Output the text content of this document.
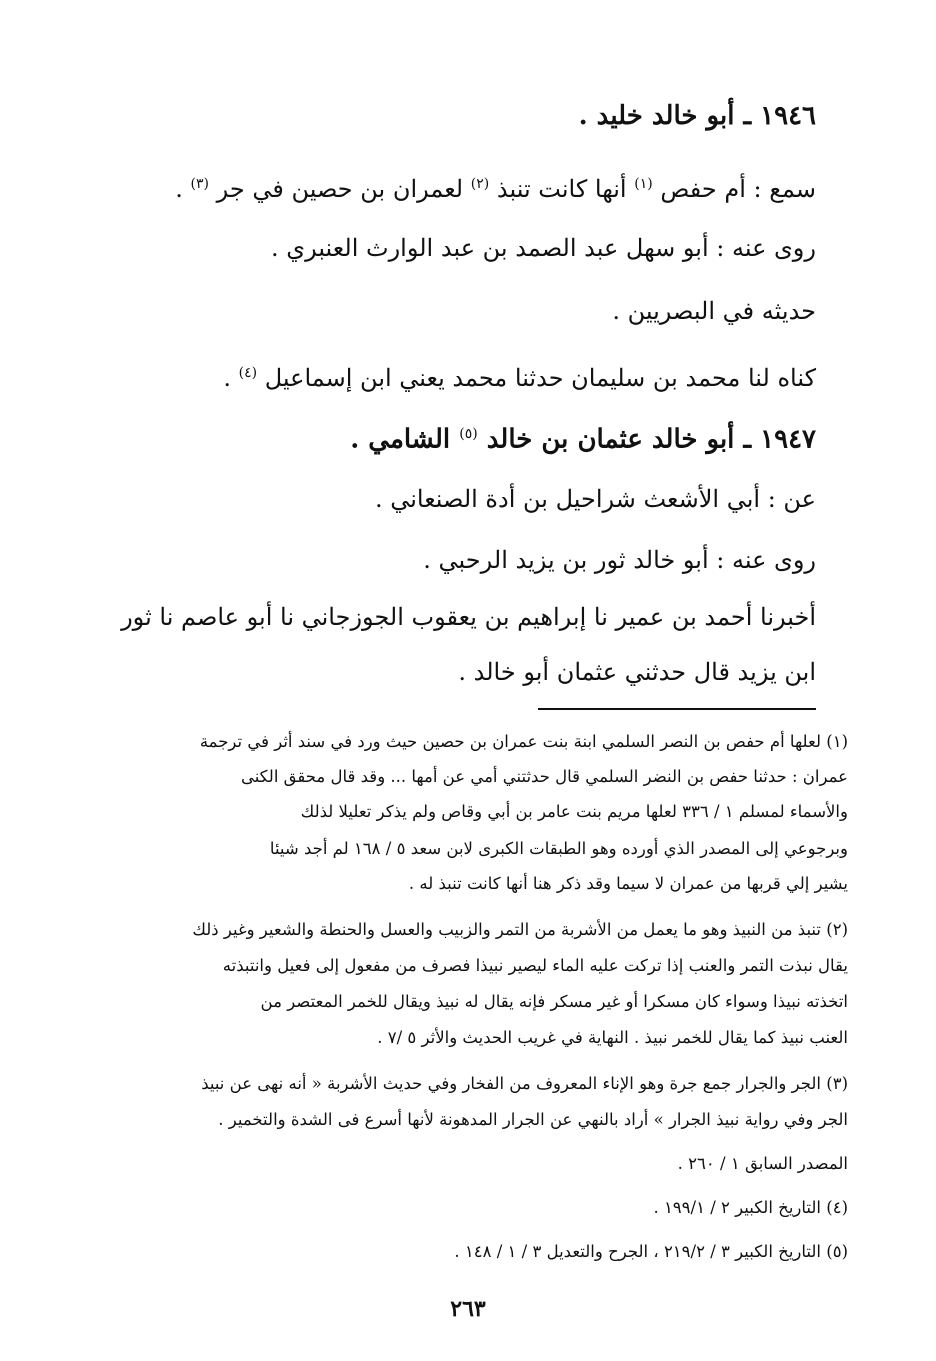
١٩٤٦ ـ أبو خالد خليد .
سمع : أم حفص $^{(١)}$ أنها كانت تنبذ $^{(٢)}$ لعمران بن حصين في جر $^{(٣)}$ .
روى عنه : أبو سهل عبد الصمد بن عبد الوارث العنبري .
حديثه في البصريين .
كناه لنا محمد بن سليمان حدثنا محمد يعني ابن إسماعيل $^{(٤)}$ .
١٩٤٧ ـ أبو خالد عثمان بن خالد $^{(٥)}$ الشامي .
عن : أبي الأشعث شراحيل بن أدة الصنعاني .
روى عنه : أبو خالد ثور بن يزيد الرحبي .
أخبرنا أحمد بن عمير نا إبراهيم بن يعقوب الجوزجاني نا أبو عاصم نا ثور
ابن يزيد قال حدثني عثمان أبو خالد .
(١) لعلها أم حفص بن النصر السلمي ابنة بنت عمران بن حصين حيث ورد في سند أثر في ترجمة
عمران : حدثنا حفص بن النضر السلمي قال حدثتني أمي عن أمها ... وقد قال محقق الكنى
والأسماء لمسلم ١ / ٣٣٦ لعلها مريم بنت عامر بن أبي وقاص ولم يذكر تعليلا لذلك
وبرجوعي إلى المصدر الذي أورده وهو الطبقات الكبرى لابن سعد ٥ / ١٦٨ لم أجد شيئا
يشير إلي قربها من عمران لا سيما وقد ذكر هنا أنها كانت تنبذ له .
(٢) تنبذ من النبيذ وهو ما يعمل من الأشربة من التمر والزبيب والعسل والحنطة والشعير وغير ذلك
يقال نبذت التمر والعنب إذا تركت عليه الماء ليصير نبيذا فصرف من مفعول إلى فعيل وانتبذته
اتخذته نبيذا وسواء كان مسكرا أو غير مسكر فإنه يقال له نبيذ ويقال للخمر المعتصر من
العنب نبيذ كما يقال للخمر نبيذ . النهاية في غريب الحديث والأثر ٥ /٧ .
(٣) الجر والجرار جمع جرة وهو الإناء المعروف من الفخار وفي حديث الأشربة « أنه نهى عن نبيذ
الجر وفي رواية نبيذ الجرار » أراد بالنهي عن الجرار المدهونة لأنها أسرع فى الشدة والتخمير .
المصدر السابق ١ / ٢٦٠ .
(٤) التاريخ الكبير ٢ / ١٩٩/١ .
(٥) التاريخ الكبير ٣ / ٢١٩/٢ ، الجرح والتعديل ٣ / ١ / ١٤٨ .
٢٦٣
